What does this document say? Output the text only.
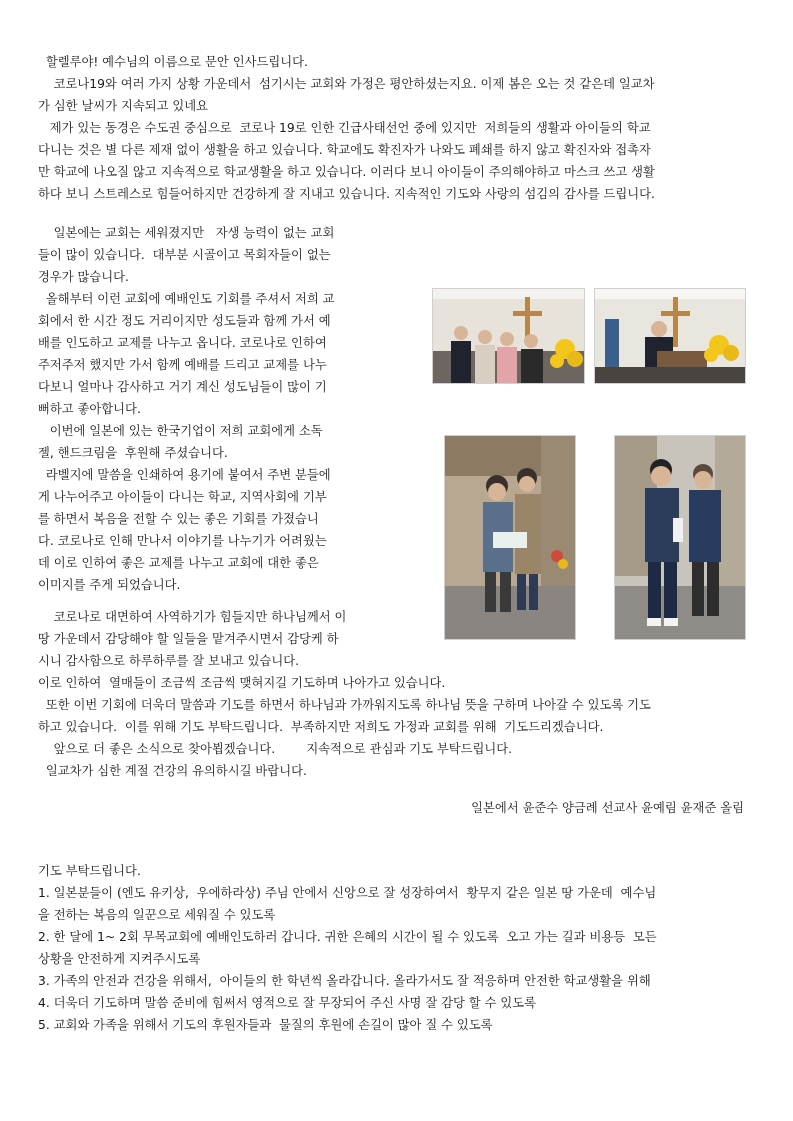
할렐루야! 예수님의 이름으로 문안 인사드립니다.
코로나19와 여러 가지 상황 가운데서  섬기시는 교회와 가정은 평안하셨는지요. 이제 봄은 오는 것 같은데 일교차
가 심한 날씨가 지속되고 있네요
제가 있는 동경은 수도권 중심으로  코로나 19로 인한 긴급사태선언 중에 있지만  저희들의 생활과 아이들의 학교
다니는 것은 별 다른 제재 없이 생활을 하고 있습니다. 학교에도 확진자가 나와도 폐쇄를 하지 않고 확진자와 접촉자
만 학교에 나오질 않고 지속적으로 학교생활을 하고 있습니다. 이러다 보니 아이들이 주의해야하고 마스크 쓰고 생활
하다 보니 스트레스로 힘들어하지만 건강하게 잘 지내고 있습니다. 지속적인 기도와 사랑의 섬김의 감사를 드립니다.
일본에는 교회는 세워졌지만   자생 능력이 없는 교회
들이 많이 있습니다.  대부분 시골이고 목회자들이 없는
경우가 많습니다.
올해부터 이런 교회에 예배인도 기회를 주셔서 저희 교
회에서 한 시간 정도 거리이지만 성도들과 함께 가서 예
배를 인도하고 교제를 나누고 옵니다. 코로나로 인하여
주저주저 했지만 가서 함께 예배를 드리고 교제를 나누
다보니 얼마나 감사하고 거기 계신 성도님들이 많이 기
뻐하고 좋아합니다.
이번에 일본에 있는 한국기업이 저희 교회에게 소독
젤, 핸드크림을  후원해 주셨습니다.
라벨지에 말씀을 인쇄하여 용기에 붙여서 주변 분들에
게 나누어주고 아이들이 다니는 학교, 지역사회에 기부
를 하면서 복음을 전할 수 있는 좋은 기회를 가졌습니
다. 코로나로 인해 만나서 이야기를 나누기가 어려웠는
데 이로 인하여 좋은 교제를 나누고 교회에 대한 좋은
이미지를 주게 되었습니다.
코로나로 대면하여 사역하기가 힘들지만 하나님께서 이
땅 가운데서 감당해야 할 일들을 맡겨주시면서 감당케 하
시니 감사함으로 하루하루를 잘 보내고 있습니다.
이로 인하여  열매들이 조금씩 조금씩 맺혀지길 기도하며 나아가고 있습니다.
또한 이번 기회에 더욱더 말씀과 기도를 하면서 하나님과 가까워지도록 하나님 뜻을 구하며 나아갈 수 있도록 기도
하고 있습니다.  이를 위해 기도 부탁드립니다.  부족하지만 저희도 가정과 교회를 위해  기도드리겠습니다.
앞으로 더 좋은 소식으로 찾아뵙겠습니다.        지속적으로 관심과 기도 부탁드립니다.
일교차가 심한 계절 건강의 유의하시길 바랍니다.
일본에서 윤준수 양금례 선교사 윤예림 윤재준 올림
기도 부탁드립니다.
1. 일본분들이 (엔도 유키상,  우에하라상) 주님 안에서 신앙으로 잘 성장하여서  황무지 같은 일본 땅 가운데  예수님
을 전하는 복음의 일꾼으로 세워질 수 있도록
2. 한 달에 1~ 2회 무목교회에 예배인도하러 갑니다. 귀한 은혜의 시간이 될 수 있도록  오고 가는 길과 비용등  모든
상황을 안전하게 지켜주시도록
3. 가족의 안전과 건강을 위해서,  아이들의 한 학년씩 올라갑니다. 올라가서도 잘 적응하며 안전한 학교생활을 위해
4. 더욱더 기도하며 말씀 준비에 힘써서 영적으로 잘 무장되어 주신 사명 잘 감당 할 수 있도록
5. 교회와 가족을 위해서 기도의 후원자들과  물질의 후원에 손길이 많아 질 수 있도록
